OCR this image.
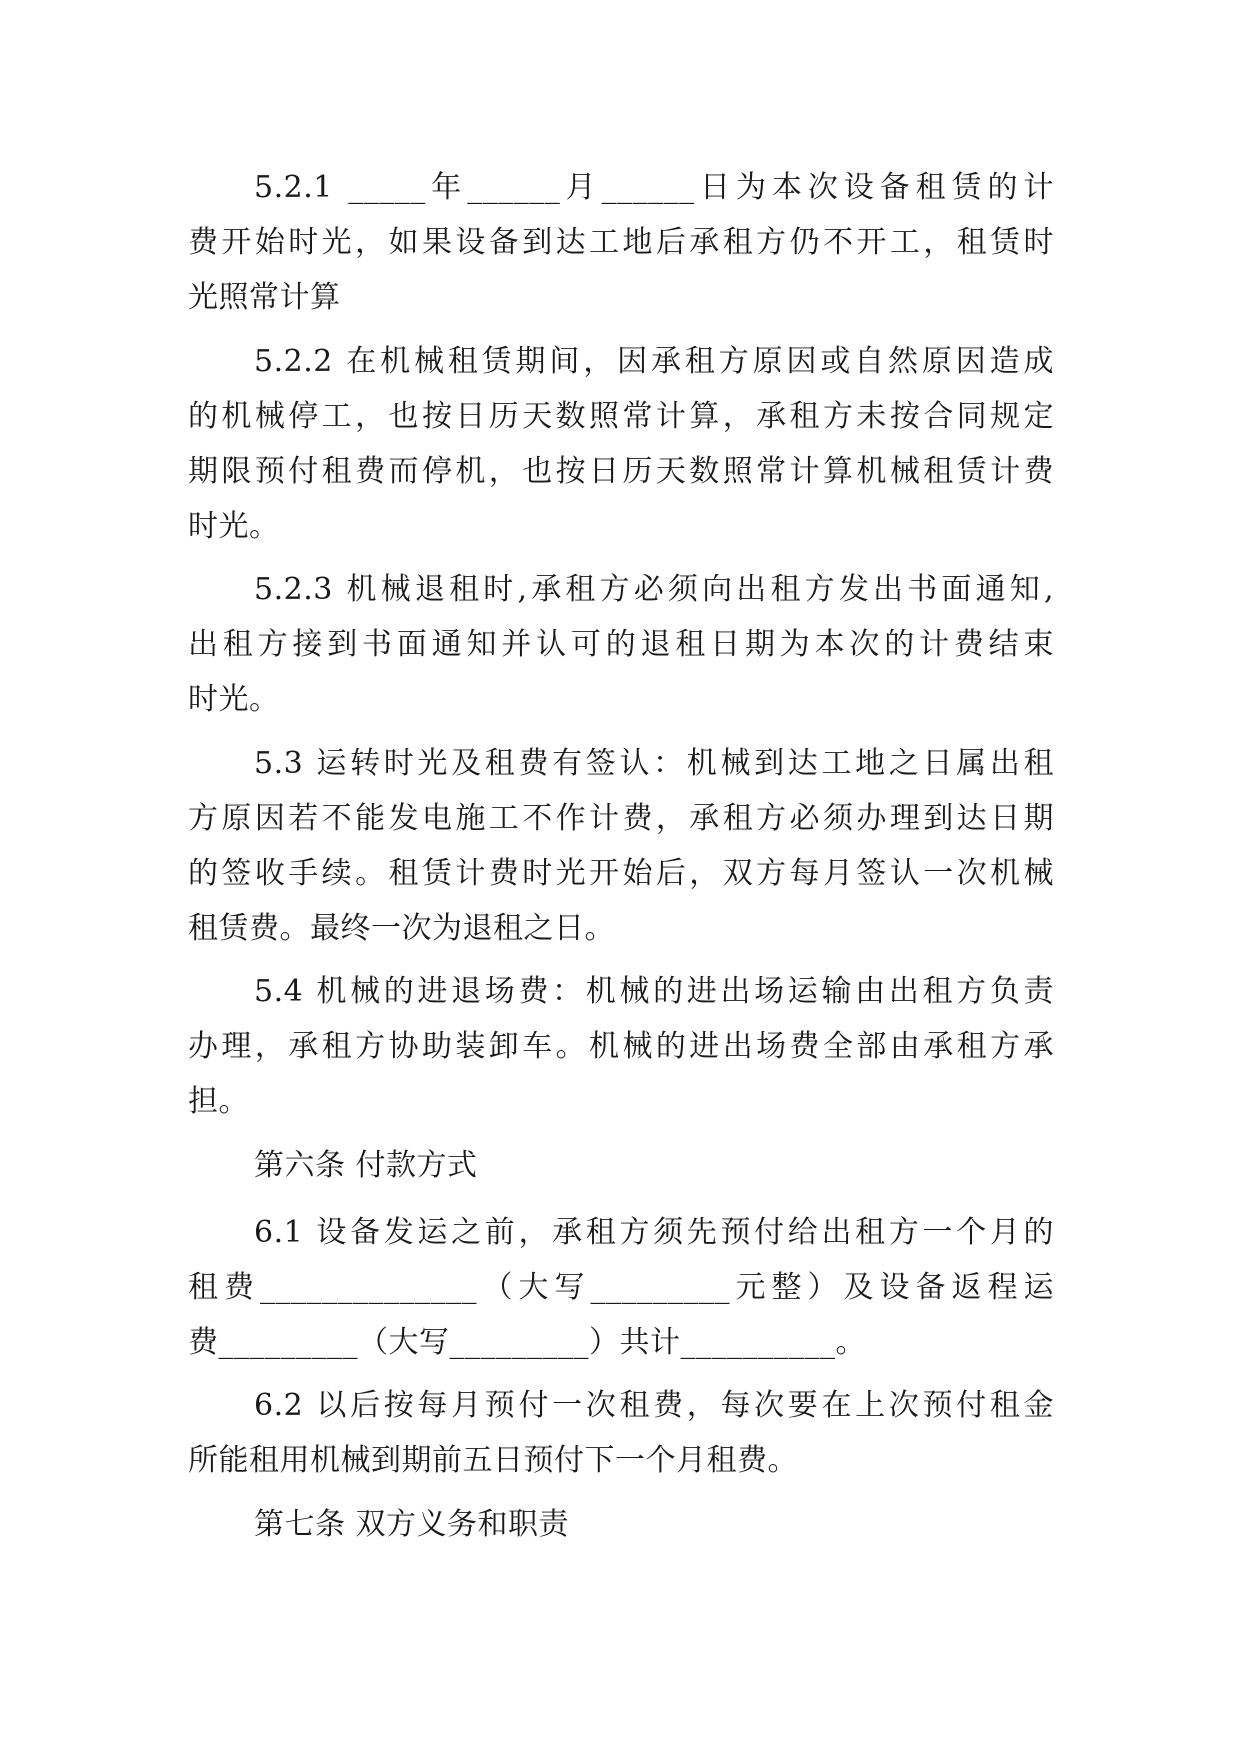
5.2.1 _____年______月______日为本次设备租赁的计
费开始时光，如果设备到达工地后承租方仍不开工，租赁时
光照常计算
5.2.2 在机械租赁期间，因承租方原因或自然原因造成
的机械停工，也按日历天数照常计算，承租方未按合同规定
期限预付租费而停机，也按日历天数照常计算机械租赁计费
时光。
5.2.3 机械退租时,承租方必须向出租方发出书面通知,
出租方接到书面通知并认可的退租日期为本次的计费结束
时光。
5.3 运转时光及租费有签认：机械到达工地之日属出租
方原因若不能发电施工不作计费，承租方必须办理到达日期
的签收手续。租赁计费时光开始后，双方每月签认一次机械
租赁费。最终一次为退租之日。
5.4 机械的进退场费：机械的进出场运输由出租方负责
办理，承租方协助装卸车。机械的进出场费全部由承租方承
担。
第六条 付款方式
6.1 设备发运之前，承租方须先预付给出租方一个月的
租费______________（大写_________元整）及设备返程运
费_________（大写_________）共计__________。
6.2 以后按每月预付一次租费，每次要在上次预付租金
所能租用机械到期前五日预付下一个月租费。
第七条 双方义务和职责
